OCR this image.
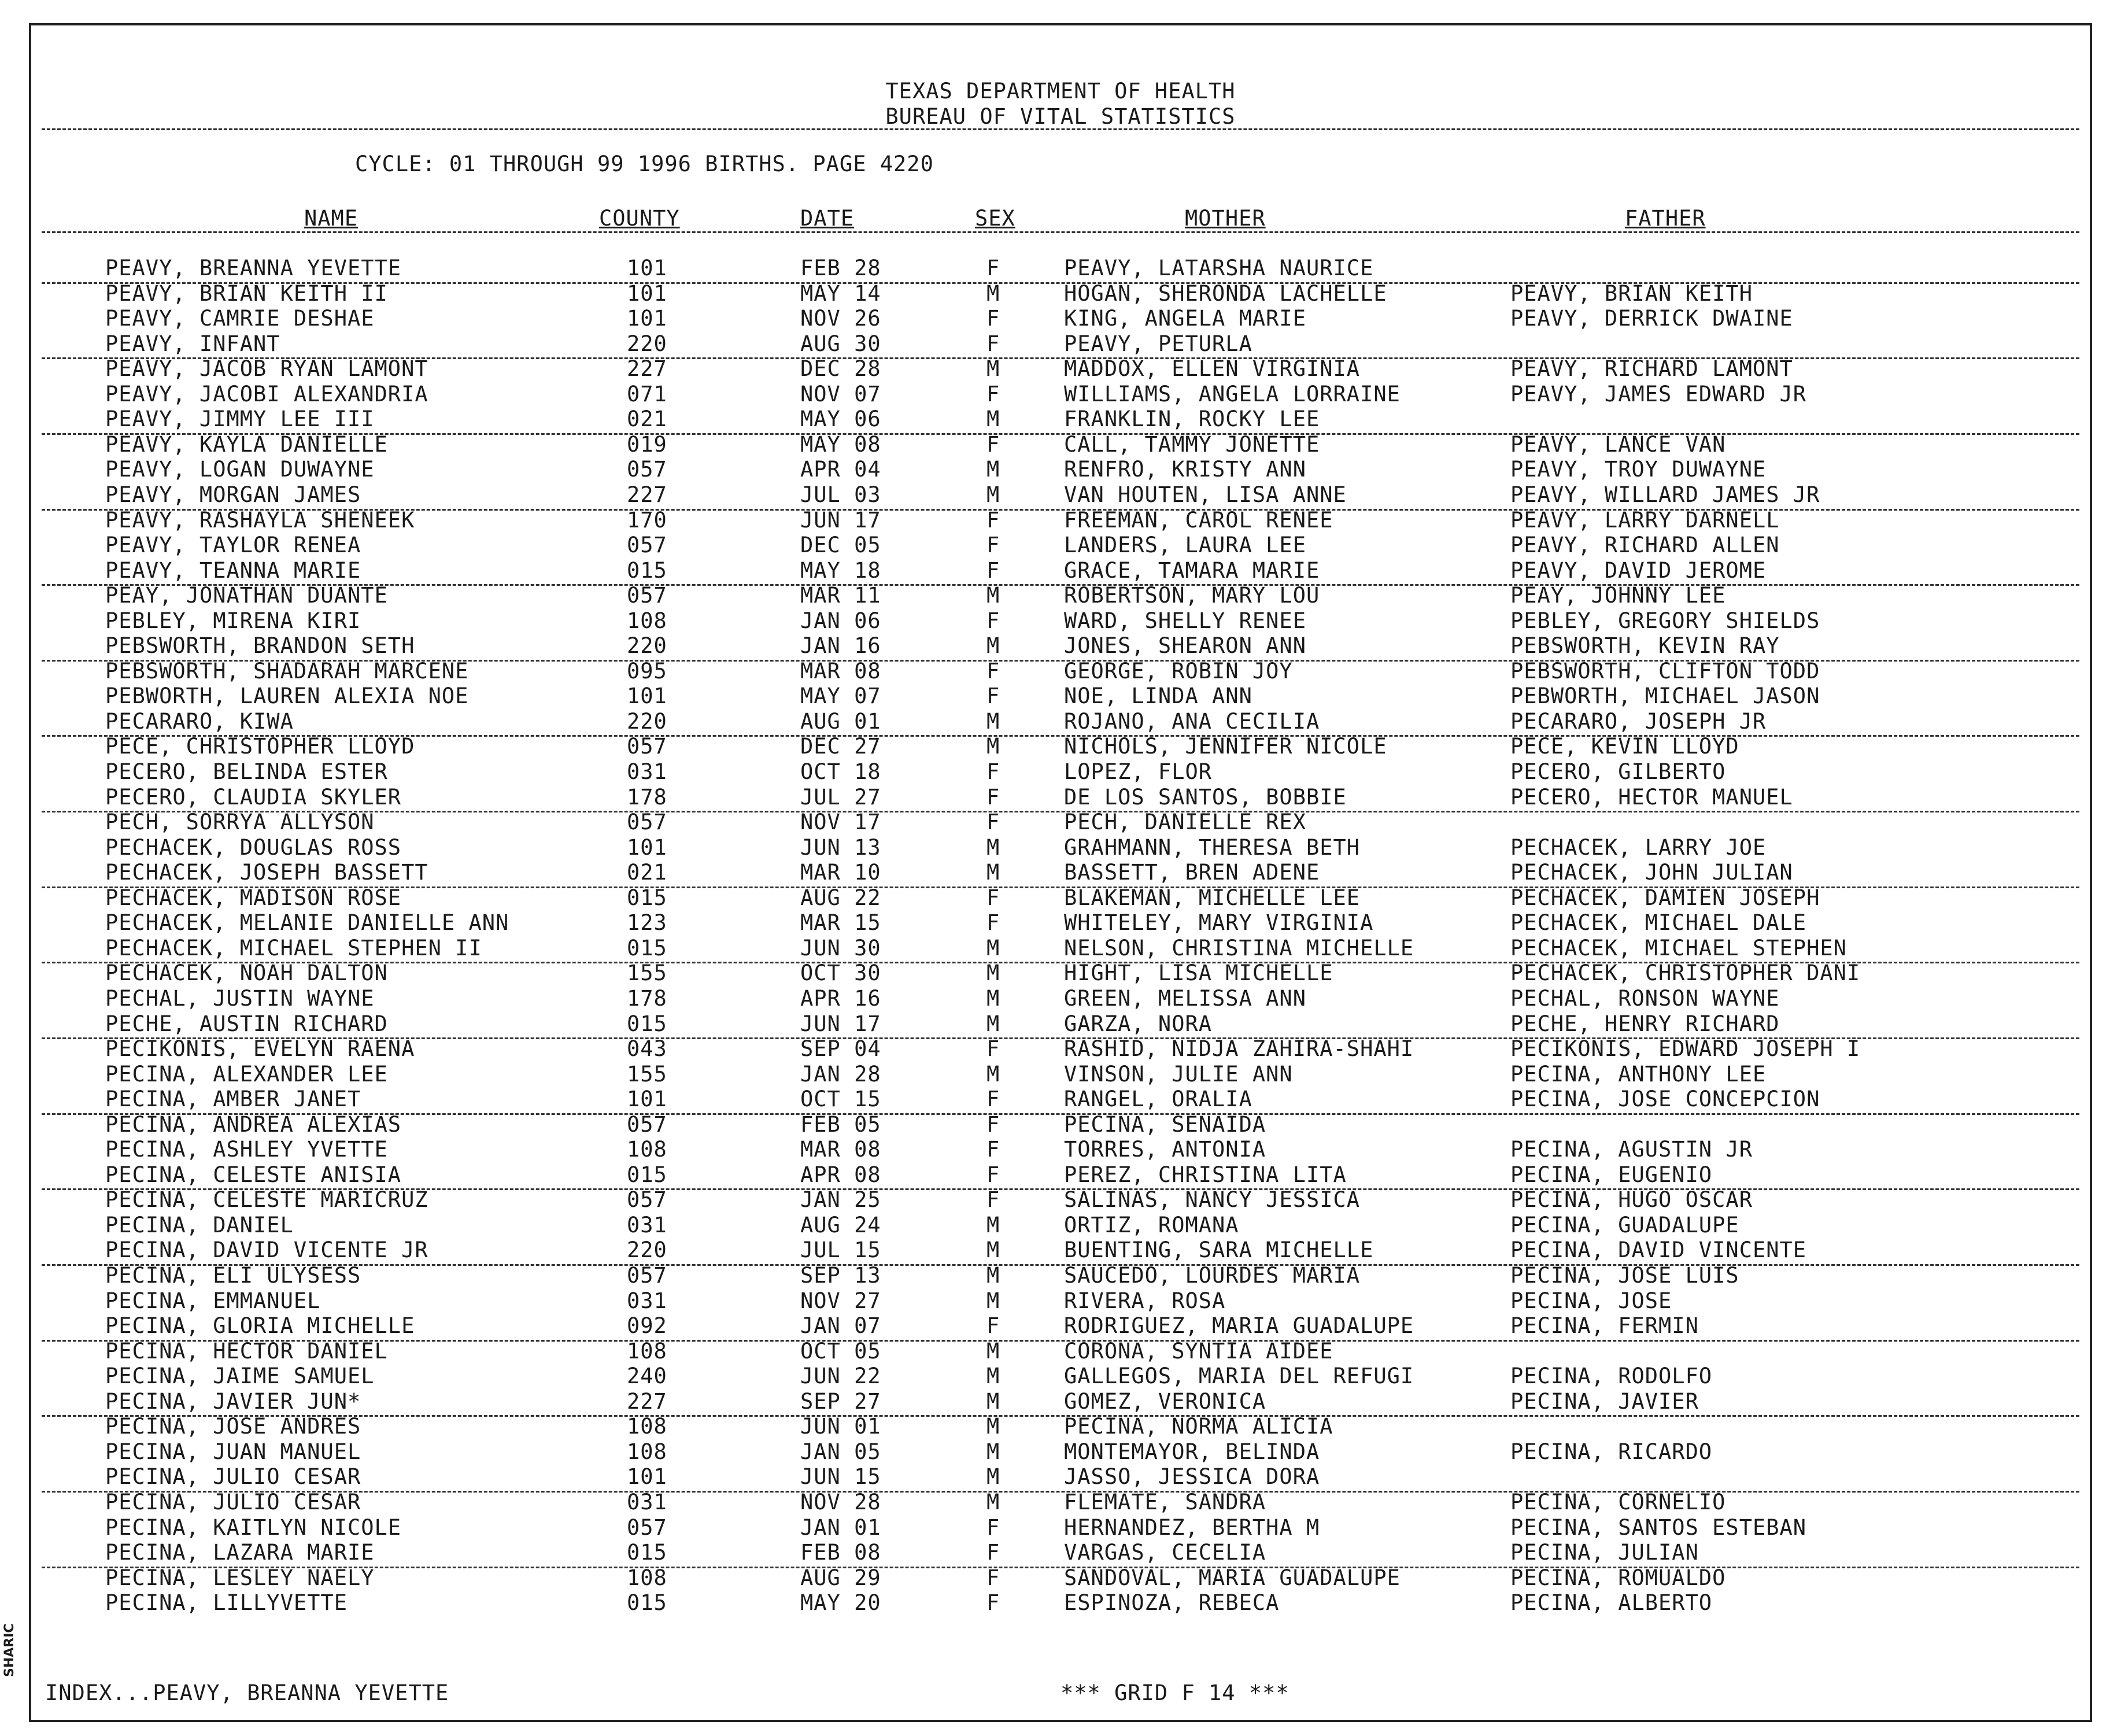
TEXAS DEPARTMENT OF HEALTH
BUREAU OF VITAL STATISTICS
CYCLE: 01 THROUGH 99 1996 BIRTHS. PAGE 4220
NAME	COUNTY	DATE	SEX	MOTHER	FATHER
PEAVY, BREANNA YEVETTE	101	FEB 28	F	PEAVY, LATARSHA NAURICE
PEAVY, BRIAN KEITH II	101	MAY 14	M	HOGAN, SHERONDA LACHELLE	PEAVY, BRIAN KEITH
PEAVY, CAMRIE DESHAE	101	NOV 26	F	KING, ANGELA MARIE	PEAVY, DERRICK DWAINE
PEAVY, INFANT	220	AUG 30	F	PEAVY, PETURLA
PEAVY, JACOB RYAN LAMONT	227	DEC 28	M	MADDOX, ELLEN VIRGINIA	PEAVY, RICHARD LAMONT
PEAVY, JACOBI ALEXANDRIA	071	NOV 07	F	WILLIAMS, ANGELA LORRAINE	PEAVY, JAMES EDWARD JR
PEAVY, JIMMY LEE III	021	MAY 06	M	FRANKLIN, ROCKY LEE
PEAVY, KAYLA DANIELLE	019	MAY 08	F	CALL, TAMMY JONETTE	PEAVY, LANCE VAN
PEAVY, LOGAN DUWAYNE	057	APR 04	M	RENFRO, KRISTY ANN	PEAVY, TROY DUWAYNE
PEAVY, MORGAN JAMES	227	JUL 03	M	VAN HOUTEN, LISA ANNE	PEAVY, WILLARD JAMES JR
PEAVY, RASHAYLA SHENEEK	170	JUN 17	F	FREEMAN, CAROL RENEE	PEAVY, LARRY DARNELL
PEAVY, TAYLOR RENEA	057	DEC 05	F	LANDERS, LAURA LEE	PEAVY, RICHARD ALLEN
PEAVY, TEANNA MARIE	015	MAY 18	F	GRACE, TAMARA MARIE	PEAVY, DAVID JEROME
PEAY, JONATHAN DUANTE	057	MAR 11	M	ROBERTSON, MARY LOU	PEAY, JOHNNY LEE
PEBLEY, MIRENA KIRI	108	JAN 06	F	WARD, SHELLY RENEE	PEBLEY, GREGORY SHIELDS
PEBSWORTH, BRANDON SETH	220	JAN 16	M	JONES, SHEARON ANN	PEBSWORTH, KEVIN RAY
PEBSWORTH, SHADARAH MARCENE	095	MAR 08	F	GEORGE, ROBIN JOY	PEBSWORTH, CLIFTON TODD
PEBWORTH, LAUREN ALEXIA NOE	101	MAY 07	F	NOE, LINDA ANN	PEBWORTH, MICHAEL JASON
PECARARO, KIWA	220	AUG 01	M	ROJANO, ANA CECILIA	PECARARO, JOSEPH JR
PECE, CHRISTOPHER LLOYD	057	DEC 27	M	NICHOLS, JENNIFER NICOLE	PECE, KEVIN LLOYD
PECERO, BELINDA ESTER	031	OCT 18	F	LOPEZ, FLOR	PECERO, GILBERTO
PECERO, CLAUDIA SKYLER	178	JUL 27	F	DE LOS SANTOS, BOBBIE	PECERO, HECTOR MANUEL
PECH, SORRYA ALLYSON	057	NOV 17	F	PECH, DANIELLE REX
PECHACEK, DOUGLAS ROSS	101	JUN 13	M	GRAHMANN, THERESA BETH	PECHACEK, LARRY JOE
PECHACEK, JOSEPH BASSETT	021	MAR 10	M	BASSETT, BREN ADENE	PECHACEK, JOHN JULIAN
PECHACEK, MADISON ROSE	015	AUG 22	F	BLAKEMAN, MICHELLE LEE	PECHACEK, DAMIEN JOSEPH
PECHACEK, MELANIE DANIELLE ANN	123	MAR 15	F	WHITELEY, MARY VIRGINIA	PECHACEK, MICHAEL DALE
PECHACEK, MICHAEL STEPHEN II	015	JUN 30	M	NELSON, CHRISTINA MICHELLE	PECHACEK, MICHAEL STEPHEN
PECHACEK, NOAH DALTON	155	OCT 30	M	HIGHT, LISA MICHELLE	PECHACEK, CHRISTOPHER DANI
PECHAL, JUSTIN WAYNE	178	APR 16	M	GREEN, MELISSA ANN	PECHAL, RONSON WAYNE
PECHE, AUSTIN RICHARD	015	JUN 17	M	GARZA, NORA	PECHE, HENRY RICHARD
PECIKONIS, EVELYN RAENA	043	SEP 04	F	RASHID, NIDJA ZAHIRA-SHAHI	PECIKONIS, EDWARD JOSEPH I
PECINA, ALEXANDER LEE	155	JAN 28	M	VINSON, JULIE ANN	PECINA, ANTHONY LEE
PECINA, AMBER JANET	101	OCT 15	F	RANGEL, ORALIA	PECINA, JOSE CONCEPCION
PECINA, ANDREA ALEXIAS	057	FEB 05	F	PECINA, SENAIDA
PECINA, ASHLEY YVETTE	108	MAR 08	F	TORRES, ANTONIA	PECINA, AGUSTIN JR
PECINA, CELESTE ANISIA	015	APR 08	F	PEREZ, CHRISTINA LITA	PECINA, EUGENIO
PECINA, CELESTE MARICRUZ	057	JAN 25	F	SALINAS, NANCY JESSICA	PECINA, HUGO OSCAR
PECINA, DANIEL	031	AUG 24	M	ORTIZ, ROMANA	PECINA, GUADALUPE
PECINA, DAVID VICENTE JR	220	JUL 15	M	BUENTING, SARA MICHELLE	PECINA, DAVID VINCENTE
PECINA, ELI ULYSESS	057	SEP 13	M	SAUCEDO, LOURDES MARIA	PECINA, JOSE LUIS
PECINA, EMMANUEL	031	NOV 27	M	RIVERA, ROSA	PECINA, JOSE
PECINA, GLORIA MICHELLE	092	JAN 07	F	RODRIGUEZ, MARIA GUADALUPE	PECINA, FERMIN
PECINA, HECTOR DANIEL	108	OCT 05	M	CORONA, SYNTIA AIDEE
PECINA, JAIME SAMUEL	240	JUN 22	M	GALLEGOS, MARIA DEL REFUGI	PECINA, RODOLFO
PECINA, JAVIER JUN*	227	SEP 27	M	GOMEZ, VERONICA	PECINA, JAVIER
PECINA, JOSE ANDRES	108	JUN 01	M	PECINA, NORMA ALICIA
PECINA, JUAN MANUEL	108	JAN 05	M	MONTEMAYOR, BELINDA	PECINA, RICARDO
PECINA, JULIO CESAR	101	JUN 15	M	JASSO, JESSICA DORA
PECINA, JULIO CESAR	031	NOV 28	M	FLEMATE, SANDRA	PECINA, CORNELIO
PECINA, KAITLYN NICOLE	057	JAN 01	F	HERNANDEZ, BERTHA M	PECINA, SANTOS ESTEBAN
PECINA, LAZARA MARIE	015	FEB 08	F	VARGAS, CECELIA	PECINA, JULIAN
PECINA, LESLEY NAELY	108	AUG 29	F	SANDOVAL, MARIA GUADALUPE	PECINA, ROMUALDO
PECINA, LILLYVETTE	015	MAY 20	F	ESPINOZA, REBECA	PECINA, ALBERTO
INDEX...PEAVY, BREANNA YEVETTE	*** GRID F 14 ***
SHARIC
